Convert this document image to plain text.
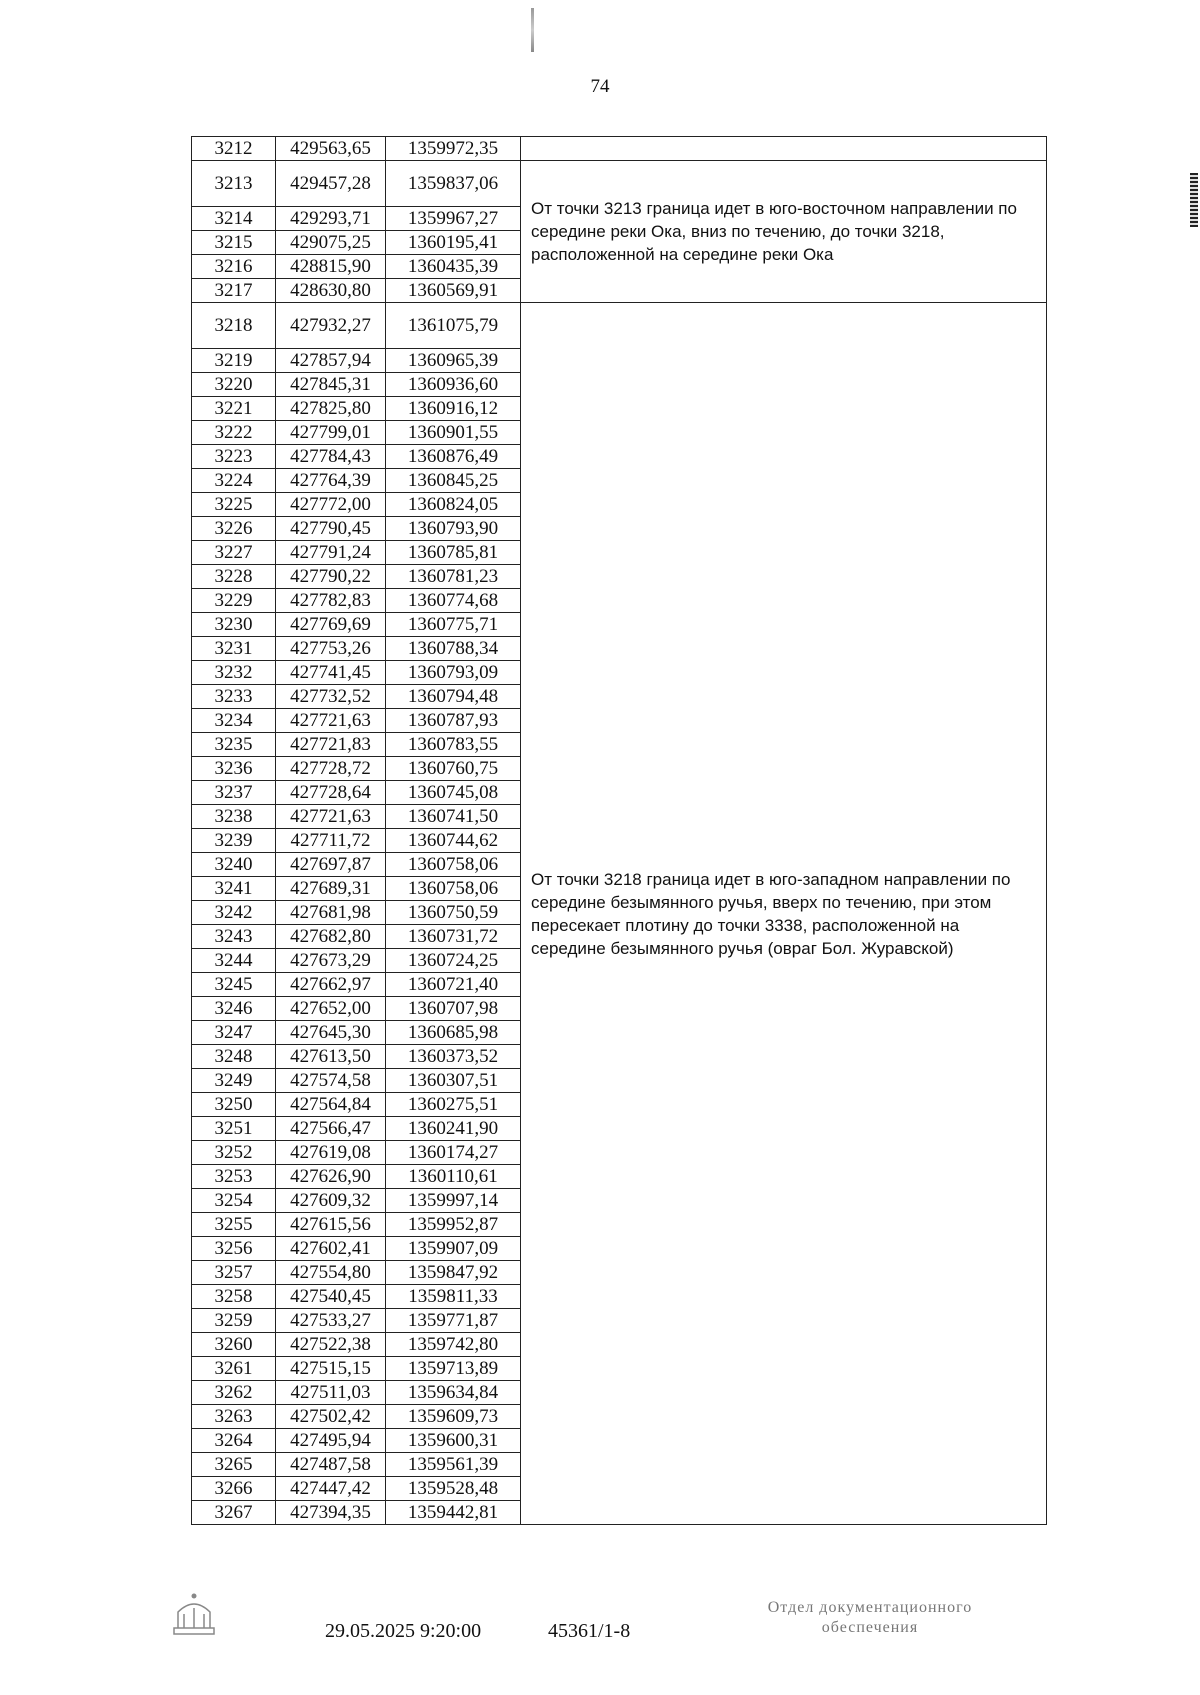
74
3212	429563,65	1359972,35	
3213	429457,28	1359837,06	От точки 3213 граница идет в юго-восточном направлении по середине реки Ока, вниз по течению, до точки 3218, расположенной на середине реки Ока
3214	429293,71	1359967,27	
3215	429075,25	1360195,41	
3216	428815,90	1360435,39	
3217	428630,80	1360569,91	
3218	427932,27	1361075,79	От точки 3218 граница идет в юго-западном направлении по середине безымянного ручья, вверх по течению, при этом пересекает плотину до точки 3338, расположенной на середине безымянного ручья (овраг Бол. Журавской)
3219	427857,94	1360965,39	
3220	427845,31	1360936,60	
3221	427825,80	1360916,12	
3222	427799,01	1360901,55	
3223	427784,43	1360876,49	
3224	427764,39	1360845,25	
3225	427772,00	1360824,05	
3226	427790,45	1360793,90	
3227	427791,24	1360785,81	
3228	427790,22	1360781,23	
3229	427782,83	1360774,68	
3230	427769,69	1360775,71	
3231	427753,26	1360788,34	
3232	427741,45	1360793,09	
3233	427732,52	1360794,48	
3234	427721,63	1360787,93	
3235	427721,83	1360783,55	
3236	427728,72	1360760,75	
3237	427728,64	1360745,08	
3238	427721,63	1360741,50	
3239	427711,72	1360744,62	
3240	427697,87	1360758,06	
3241	427689,31	1360758,06	
3242	427681,98	1360750,59	
3243	427682,80	1360731,72	
3244	427673,29	1360724,25	
3245	427662,97	1360721,40	
3246	427652,00	1360707,98	
3247	427645,30	1360685,98	
3248	427613,50	1360373,52	
3249	427574,58	1360307,51	
3250	427564,84	1360275,51	
3251	427566,47	1360241,90	
3252	427619,08	1360174,27	
3253	427626,90	1360110,61	
3254	427609,32	1359997,14	
3255	427615,56	1359952,87	
3256	427602,41	1359907,09	
3257	427554,80	1359847,92	
3258	427540,45	1359811,33	
3259	427533,27	1359771,87	
3260	427522,38	1359742,80	
3261	427515,15	1359713,89	
3262	427511,03	1359634,84	
3263	427502,42	1359609,73	
3264	427495,94	1359600,31	
3265	427487,58	1359561,39	
3266	427447,42	1359528,48	
3267	427394,35	1359442,81	
29.05.2025 9:20:00	45361/1-8
Отдел документационного
обеспечения
